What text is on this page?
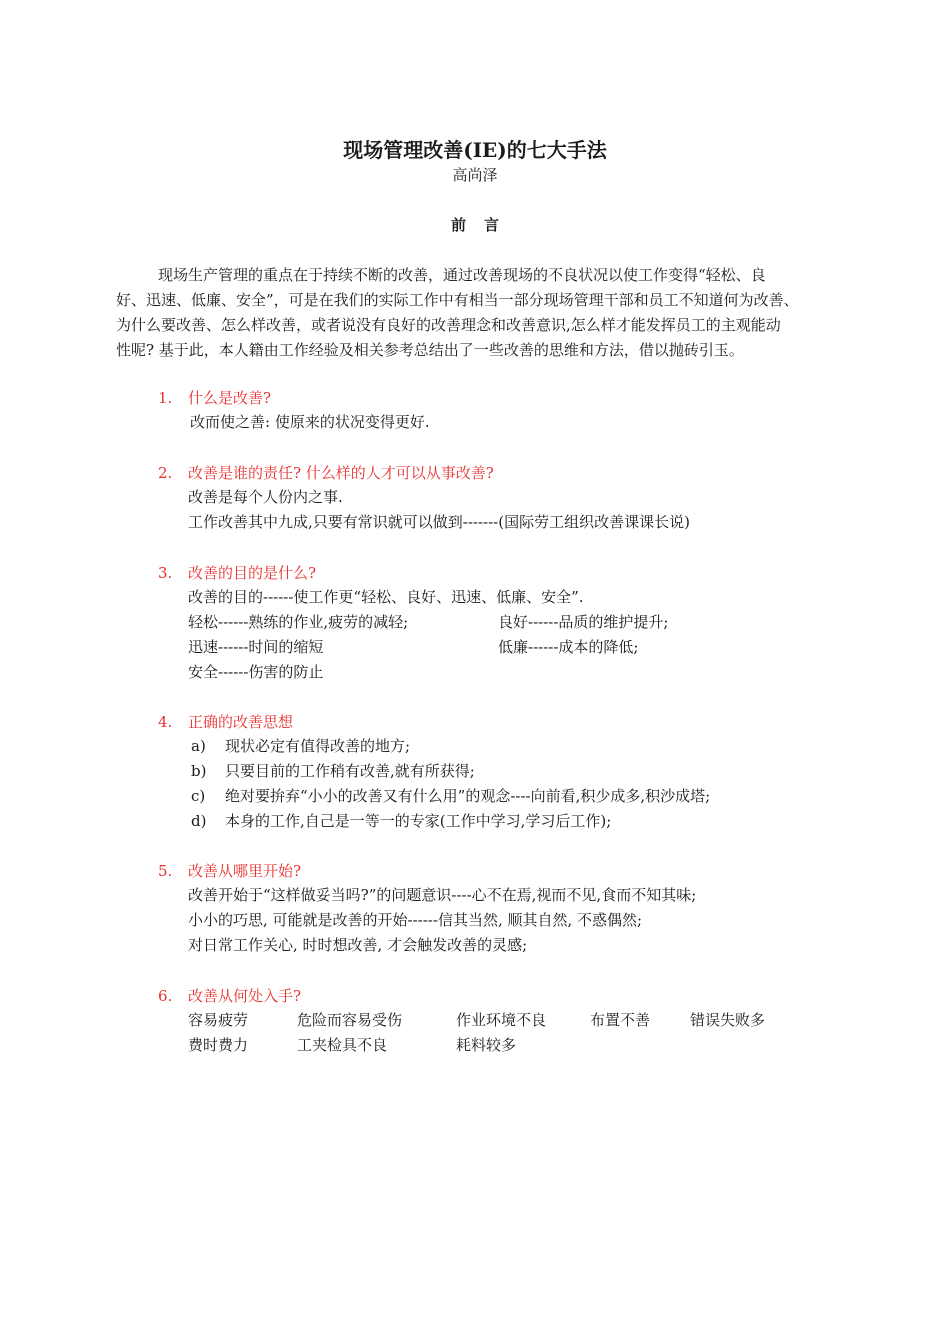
现场管理改善(IE)的七大手法
高尚泽
前言
现场生产管理的重点在于持续不断的改善，通过改善现场的不良状况以使工作变得“轻松、良
好、迅速、低廉、安全”，可是在我们的实际工作中有相当一部分现场管理干部和员工不知道何为改善、
为什么要改善、怎么样改善，或者说没有良好的改善理念和改善意识,怎么样才能发挥员工的主观能动
性呢? 基于此，本人籍由工作经验及相关参考总结出了一些改善的思维和方法，借以抛砖引玉。
1. 什么是改善?
改而使之善: 使原来的状况变得更好.
2. 改善是谁的责任? 什么样的人才可以从事改善?
改善是每个人份内之事.
工作改善其中九成,只要有常识就可以做到-------(国际劳工组织改善课课长说)
3. 改善的目的是什么?
改善的目的------使工作更“轻松、良好、迅速、低廉、安全”.
轻松------熟练的作业,疲劳的减轻;	良好------品质的维护提升;
迅速------时间的缩短	低廉------成本的降低;
安全------伤害的防止
4. 正确的改善思想
a)	现状必定有值得改善的地方;
b)	只要目前的工作稍有改善,就有所获得;
c)	绝对要拚弃“小小的改善又有什么用”的观念----向前看,积少成多,积沙成塔;
d)	本身的工作,自己是一等一的专家(工作中学习,学习后工作);
5. 改善从哪里开始?
改善开始于“这样做妥当吗?”的问题意识----心不在焉,视而不见,食而不知其味;
小小的巧思, 可能就是改善的开始------信其当然, 顺其自然, 不惑偶然;
对日常工作关心, 时时想改善, 才会触发改善的灵感;
6. 改善从何处入手?
容易疲劳	危险而容易受伤	作业环境不良	布置不善	错误失败多
费时费力	工夹检具不良	耗料较多
